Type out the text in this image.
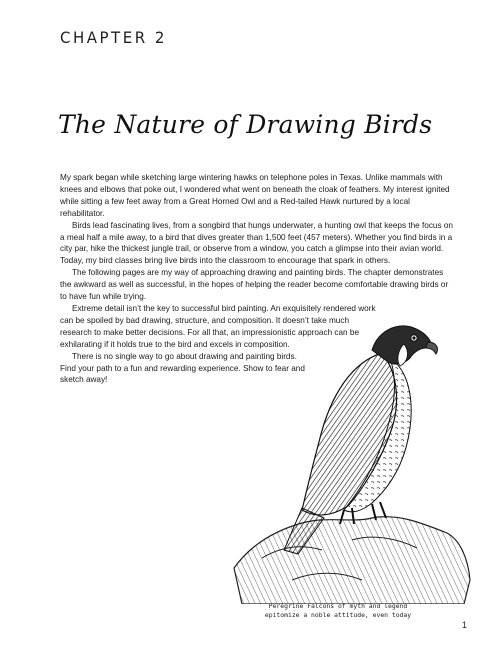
CHAPTER 2
The Nature of Drawing Birds

My spark began while sketching large wintering hawks on telephone poles in Texas. Unlike mammals with knees and elbows that poke out, I wondered what went on beneath the cloak of feathers. My interest ignited while sitting a few feet away from a Great Horned Owl and a Red-tailed Hawk nurtured by a local rehabilitator.

Birds lead fascinating lives, from a songbird that hungs underwater, a hunting owl that keeps the focus on a meal half a mile away, to a bird that dives greater than 1,500 feet (457 meters). Whether you find birds in a city par, hike the thickest jungle trail, or observe from a window, you catch a glimpse into their avian world. Today, my bird classes bring live birds into the classroom to encourage that spark in others.

The following pages are my way of approaching drawing and painting birds. The chapter demonstrates the awkward as well as successful, in the hopes of helping the reader become comfortable drawing birds or to have fun while trying.

Extreme detail isn’t the key to successful bird painting. An exquisitely rendered work can be spoiled by bad drawing, structure, and composition. It doesn’t take much research to make better decisions. For all that, an impressionistic approach can be exhilarating if it holds true to the bird and excels in composition.

There is no single way to go about drawing and painting birds. Find your path to a fun and rewarding experience. Show to fear and sketch away!

Peregrine Falcons of myth and legend epitomize a noble attitude, even today
1
